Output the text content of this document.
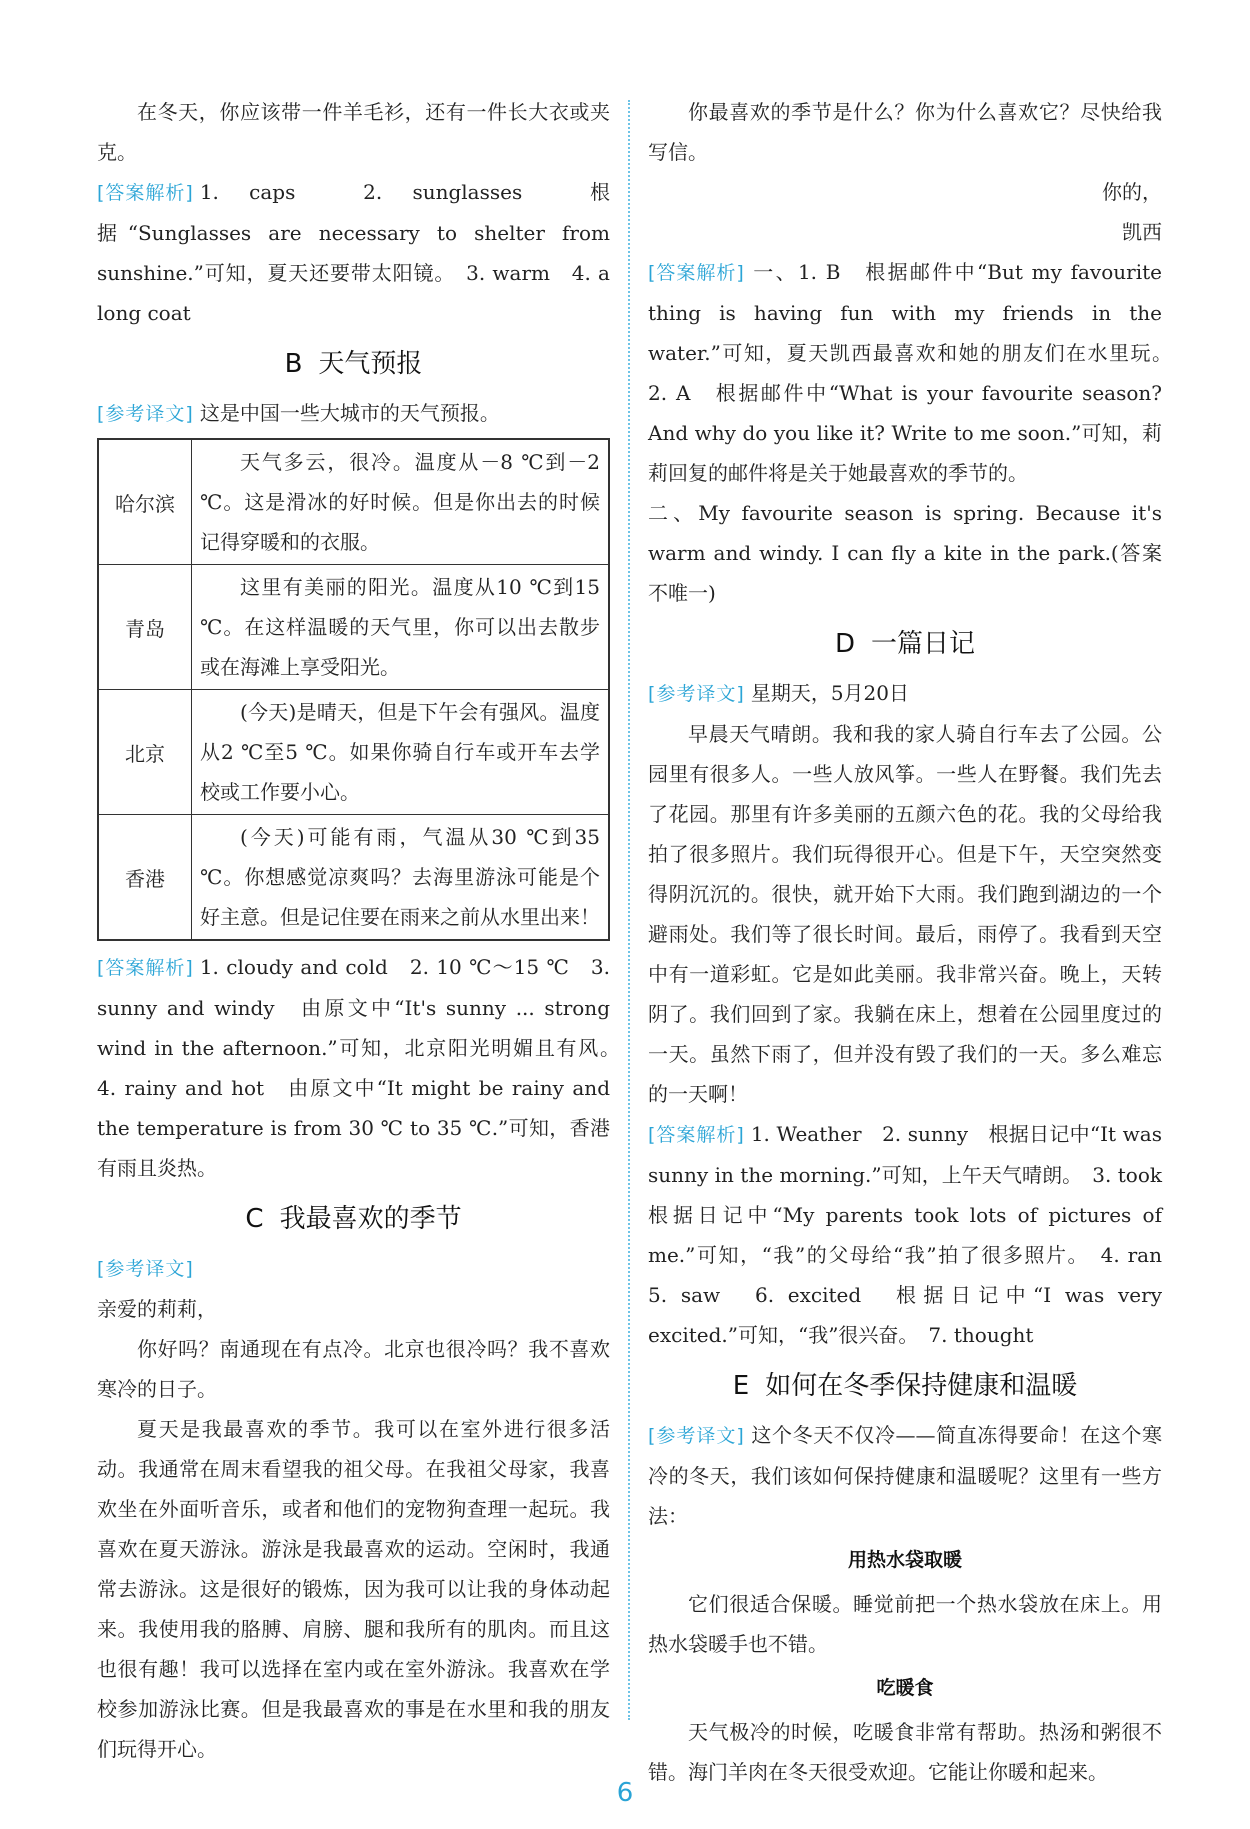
在冬天，你应该带一件羊毛衫，还有一件长大衣或夹克。

[答案解析] 1. caps　2. sunglasses　根据“Sunglasses are necessary to shelter from sunshine.”可知，夏天还要带太阳镜。　3. warm　4. a long coat

B 天气预报

[参考译文] 这是中国一些大城市的天气预报。

哈尔滨	天气多云，很冷。温度从－8 ℃到－2 ℃。这是滑冰的好时候。但是你出去的时候记得穿暖和的衣服。

青岛	这里有美丽的阳光。温度从10 ℃到15 ℃。在这样温暖的天气里，你可以出去散步或在海滩上享受阳光。

北京	(今天)是晴天，但是下午会有强风。温度从2 ℃至5 ℃。如果你骑自行车或开车去学校或工作要小心。

香港	(今天)可能有雨，气温从30 ℃到35 ℃。你想感觉凉爽吗？去海里游泳可能是个好主意。但是记住要在雨来之前从水里出来！

[答案解析] 1. cloudy and cold　2. 10 ℃～15 ℃　3. sunny and windy　由原文中“It's sunny ... strong wind in the afternoon.”可知，北京阳光明媚且有风。　4. rainy and hot　由原文中“It might be rainy and the temperature is from 30 ℃ to 35 ℃.”可知，香港有雨且炎热。

C 我最喜欢的季节

[参考译文]

亲爱的莉莉，

你好吗？南通现在有点冷。北京也很冷吗？我不喜欢寒冷的日子。

夏天是我最喜欢的季节。我可以在室外进行很多活动。我通常在周末看望我的祖父母。在我祖父母家，我喜欢坐在外面听音乐，或者和他们的宠物狗查理一起玩。我喜欢在夏天游泳。游泳是我最喜欢的运动。空闲时，我通常去游泳。这是很好的锻炼，因为我可以让我的身体动起来。我使用我的胳膊、肩膀、腿和我所有的肌肉。而且这也很有趣！我可以选择在室内或在室外游泳。我喜欢在学校参加游泳比赛。但是我最喜欢的事是在水里和我的朋友们玩得开心。

你最喜欢的季节是什么？你为什么喜欢它？尽快给我写信。

你的，

凯西

[答案解析] 一、1. B　根据邮件中“But my favourite thing is having fun with my friends in the water.”可知，夏天凯西最喜欢和她的朋友们在水里玩。　2. A　根据邮件中“What is your favourite season? And why do you like it? Write to me soon.”可知，莉莉回复的邮件将是关于她最喜欢的季节的。

二、My favourite season is spring. Because it's warm and windy. I can fly a kite in the park.(答案不唯一)

D 一篇日记

[参考译文] 星期天，5月20日

早晨天气晴朗。我和我的家人骑自行车去了公园。公园里有很多人。一些人放风筝。一些人在野餐。我们先去了花园。那里有许多美丽的五颜六色的花。我的父母给我拍了很多照片。我们玩得很开心。但是下午，天空突然变得阴沉沉的。很快，就开始下大雨。我们跑到湖边的一个避雨处。我们等了很长时间。最后，雨停了。我看到天空中有一道彩虹。它是如此美丽。我非常兴奋。晚上，天转阴了。我们回到了家。我躺在床上，想着在公园里度过的一天。虽然下雨了，但并没有毁了我们的一天。多么难忘的一天啊！

[答案解析] 1. Weather　2. sunny　根据日记中“It was sunny in the morning.”可知，上午天气晴朗。　3. took　根据日记中“My parents took lots of pictures of me.”可知，“我”的父母给“我”拍了很多照片。　4. ran　5. saw　6. excited　根据日记中“I was very excited.”可知，“我”很兴奋。　7. thought

E 如何在冬季保持健康和温暖

[参考译文] 这个冬天不仅冷——简直冻得要命！在这个寒冷的冬天，我们该如何保持健康和温暖呢？这里有一些方法：

用热水袋取暖

它们很适合保暖。睡觉前把一个热水袋放在床上。用热水袋暖手也不错。

吃暖食

天气极冷的时候，吃暖食非常有帮助。热汤和粥很不错。海门羊肉在冬天很受欢迎。它能让你暖和起来。

6
